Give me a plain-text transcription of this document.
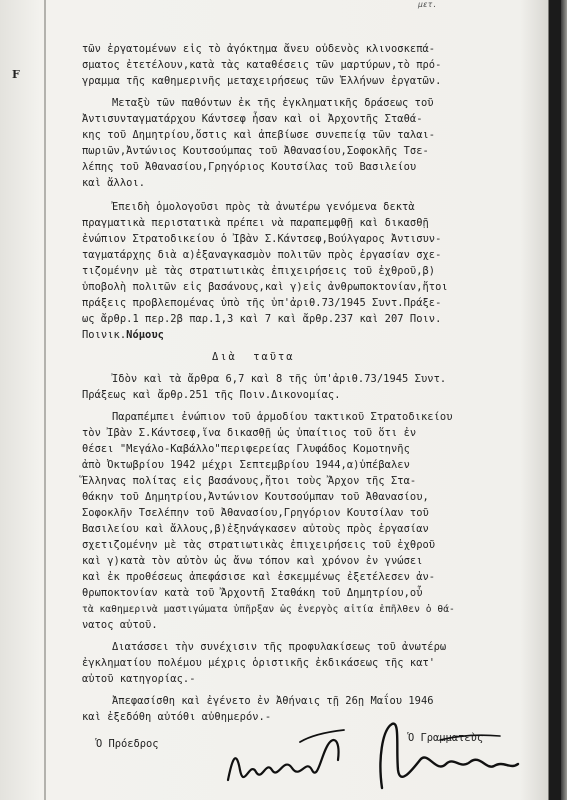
μετ.
F
τῶν ἐργατομένων εἰς τὸ ἀγόκτημα ἄνευ οὐδενὸς κλινοσκεπά-
σματος ἐτετέλουν,κατὰ τὰς καταθέσεις τῶν μαρτύρων,τὸ πρό-
γραμμα τῆς καθημερινῆς μεταχειρήσεως τῶν Ἑλλήνων ἐργατῶν.
Μεταξὺ τῶν παθόντων ἐκ τῆς ἐγκληματικῆς δράσεως τοῦ
Ἀντισυνταγματάρχου Κάντσεφ ἦσαν καὶ οἱ Ἀρχοντῆς Σταθά-
κης τοῦ Δημητρίου,ὅστις καὶ ἀπεβίωσε συνεπείᾳ τῶν ταλαι-
πωριῶν,Ἀντώνιος Κουτσούμπας τοῦ Ἀθανασίου,Σοφοκλῆς Τσε-
λέπης τοῦ Ἀθανασίου,Γρηγόριος Κουτσίλας τοῦ Βασιλείου
καὶ ἄλλοι.
Ἐπειδὴ ὁμολογοῦσι πρὸς τὰ ἀνωτέρω γενόμενα δεκτὰ
πραγματικὰ περιστατικὰ πρέπει νὰ παραπεμφθῇ καὶ δικασθῇ
ἐνώπιον Στρατοδικείου ὁ Ἰβὰν Σ.Κάντσεφ,Βούλγαρος Ἀντισυν-
ταγματάρχης διὰ α)ἐξαναγκασμὸν πολιτῶν πρὸς ἐργασίαν σχε-
τιζομένην μὲ τὰς στρατιωτικὰς ἐπιχειρήσεις τοῦ ἐχθροῦ,β)
ὑποβολὴ πολιτῶν εἰς βασάνους,καὶ γ)εἰς ἀνθρωποκτονίαν,ἤτοι
πράξεις προβλεπομένας ὑπὸ τῆς ὑπ'ἀριθ.73/1945 Συντ.Πράξε-
ως ἄρθρ.1 περ.2β παρ.1,3 καὶ 7 καὶ ἄρθρ.237 καὶ 207 Ποιν.
Ποινικ.Νόμους
Διὰ  ταῦτα
Ἰδὸν καὶ τὰ ἄρθρα 6,7 καὶ 8 τῆς ὑπ'ἀριθ.73/1945 Συντ.
Πράξεως καὶ ἄρθρ.251 τῆς Ποιν.Δικονομίας.
Παραπέμπει ἐνώπιον τοῦ ἁρμοδίου τακτικοῦ Στρατοδικείου
τὸν Ἰβὰν Σ.Κάντσεφ,ἵνα δικασθῇ ὡς ὑπαίτιος τοῦ ὅτι ἐν
θέσει "Μεγάλο-Καβάλλο"περιφερείας Γλυφάδος Κομοτηνῆς
ἀπὸ Ὀκτωβρίου 1942 μέχρι Σεπτεμβρίου 1944,α)ὑπέβαλεν
Ἕλληνας πολίτας εἰς βασάνους,ἤτοι τοὺς Ἄρχον τῆς Στα-
θάκην τοῦ Δημητρίου,Ἀντώνιον Κουτσούμπαν τοῦ Ἀθανασίου,
Σοφοκλῆν Τσελέπην τοῦ Ἀθανασίου,Γρηγόριον Κουτσίλαν τοῦ
Βασιλείου καὶ ἄλλους,β)ἐξηνάγκασεν αὐτοὺς πρὸς ἐργασίαν
σχετιζομένην μὲ τὰς στρατιωτικὰς ἐπιχειρήσεις τοῦ ἐχθροῦ
καὶ γ)κατὰ τὸν αὐτὸν ὡς ἄνω τόπον καὶ χρόνον ἐν γνώσει
καὶ ἐκ προθέσεως ἀπεφάσισε καὶ ἐσκεμμένως ἐξετέλεσεν ἀν-
θρωποκτονίαν κατὰ τοῦ Ἄρχοντῆ Σταθάκη τοῦ Δημητρίου,οὗ
τὰ καθημερινὰ μαστιγώματα ὑπῆρξαν ὡς ἐνεργὸς αἰτία ἐπῆλθεν ὁ θά-
νατος αὐτοῦ.
Διατάσσει τὴν συνέχισιν τῆς προφυλακίσεως τοῦ ἀνωτέρω
ἐγκληματίου πολέμου μέχρις ὁριστικῆς ἐκδικάσεως τῆς κατ'
αὐτοῦ κατηγορίας.-
Ἀπεφασίσθη καὶ ἐγένετο ἐν Ἀθήναις τῇ 26ῃ Μαΐου 1946
καὶ ἐξεδόθη αὐτόθι αὐθημερόν.-
Ὁ Πρόεδρος	Ὁ Γραμματεὺς
